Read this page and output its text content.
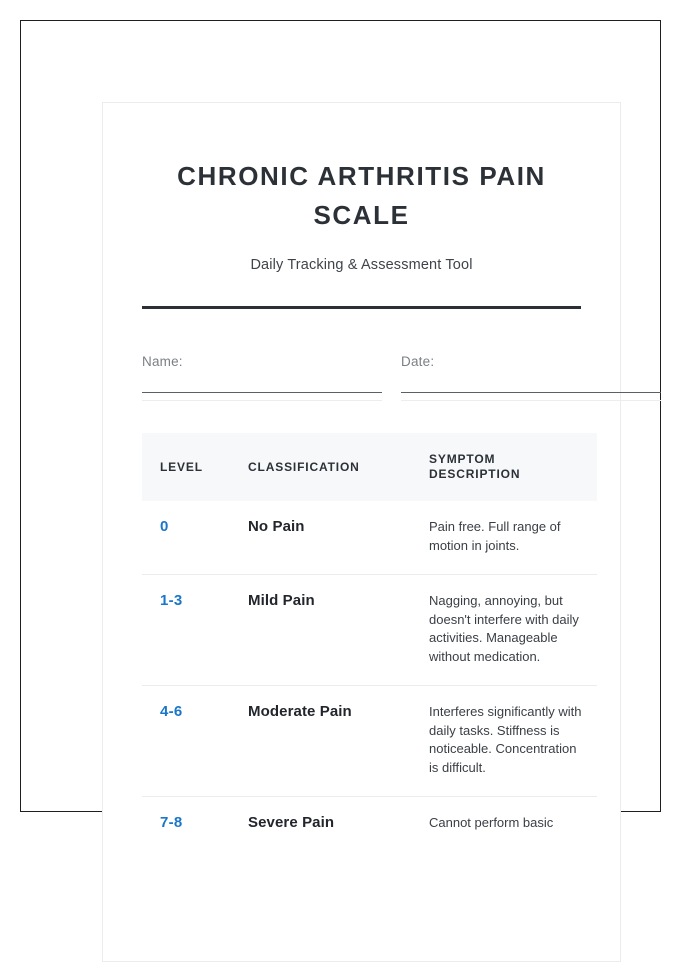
CHRONIC ARTHRITIS PAIN SCALE

Daily Tracking & Assessment Tool

Name:	Date:
LEVEL	CLASSIFICATION	SYMPTOM
DESCRIPTION
0	No Pain	Pain free. Full range of motion in joints.
1-3	Mild Pain	Nagging, annoying, but doesn't interfere with daily activities. Manageable without medication.
4-6	Moderate Pain	Interferes significantly with daily tasks. Stiffness is noticeable. Concentration is difficult.
7-8	Severe Pain	Cannot perform basic
